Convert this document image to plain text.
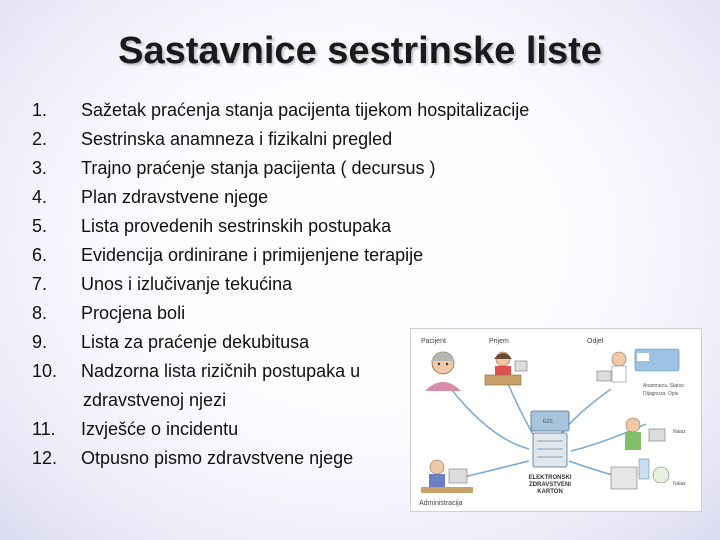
Sastavnice sestrinske liste
1. Sažetak praćenja stanja pacijenta tijekom hospitalizacije
2. Sestrinska anamneza i fizikalni pregled
3. Trajno praćenje stanja pacijenta ( decursus )
4. Plan zdravstvene njege
5. Lista provedenih sestrinskih postupaka
6. Evidencija ordinirane i primijenjene terapije
7. Unos i izlučivanje tekućina
8. Procjena boli
9. Lista za praćenje dekubitusa
10. Nadzorna lista rizičnih postupaka u
zdravstvenoj njezi
11. Izvješće o incidentu
12. Otpusno pismo zdravstvene njege
Pacijent	Prijem	Odjel
Anamneza, Status
Dijagnoza, Opis
Nalaz
Nalaz
EZS
ELEKTRONSKI
ZDRAVSTVENI
KARTON
Administracija
